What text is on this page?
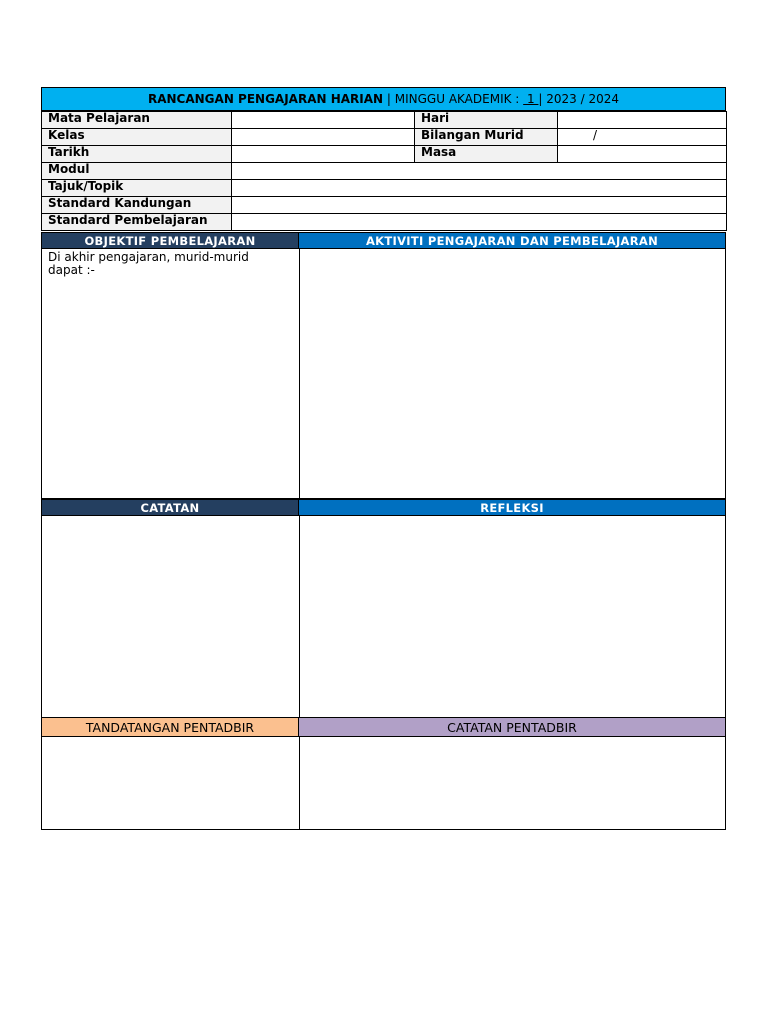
RANCANGAN PENGAJARAN HARIAN | MINGGU AKADEMIK : 1 | 2023 / 2024
Mata Pelajaran		Hari	
Kelas		Bilangan Murid	/
Tarikh		Masa	
Modul			
Tajuk/Topik			
Standard Kandungan			
Standard Pembelajaran			
OBJEKTIF PEMBELAJARAN	AKTIVITI PENGAJARAN DAN PEMBELAJARAN
Di akhir pengajaran, murid-murid
dapat :-
CATATAN	REFLEKSI
TANDATANGAN PENTADBIR	CATATAN PENTADBIR
